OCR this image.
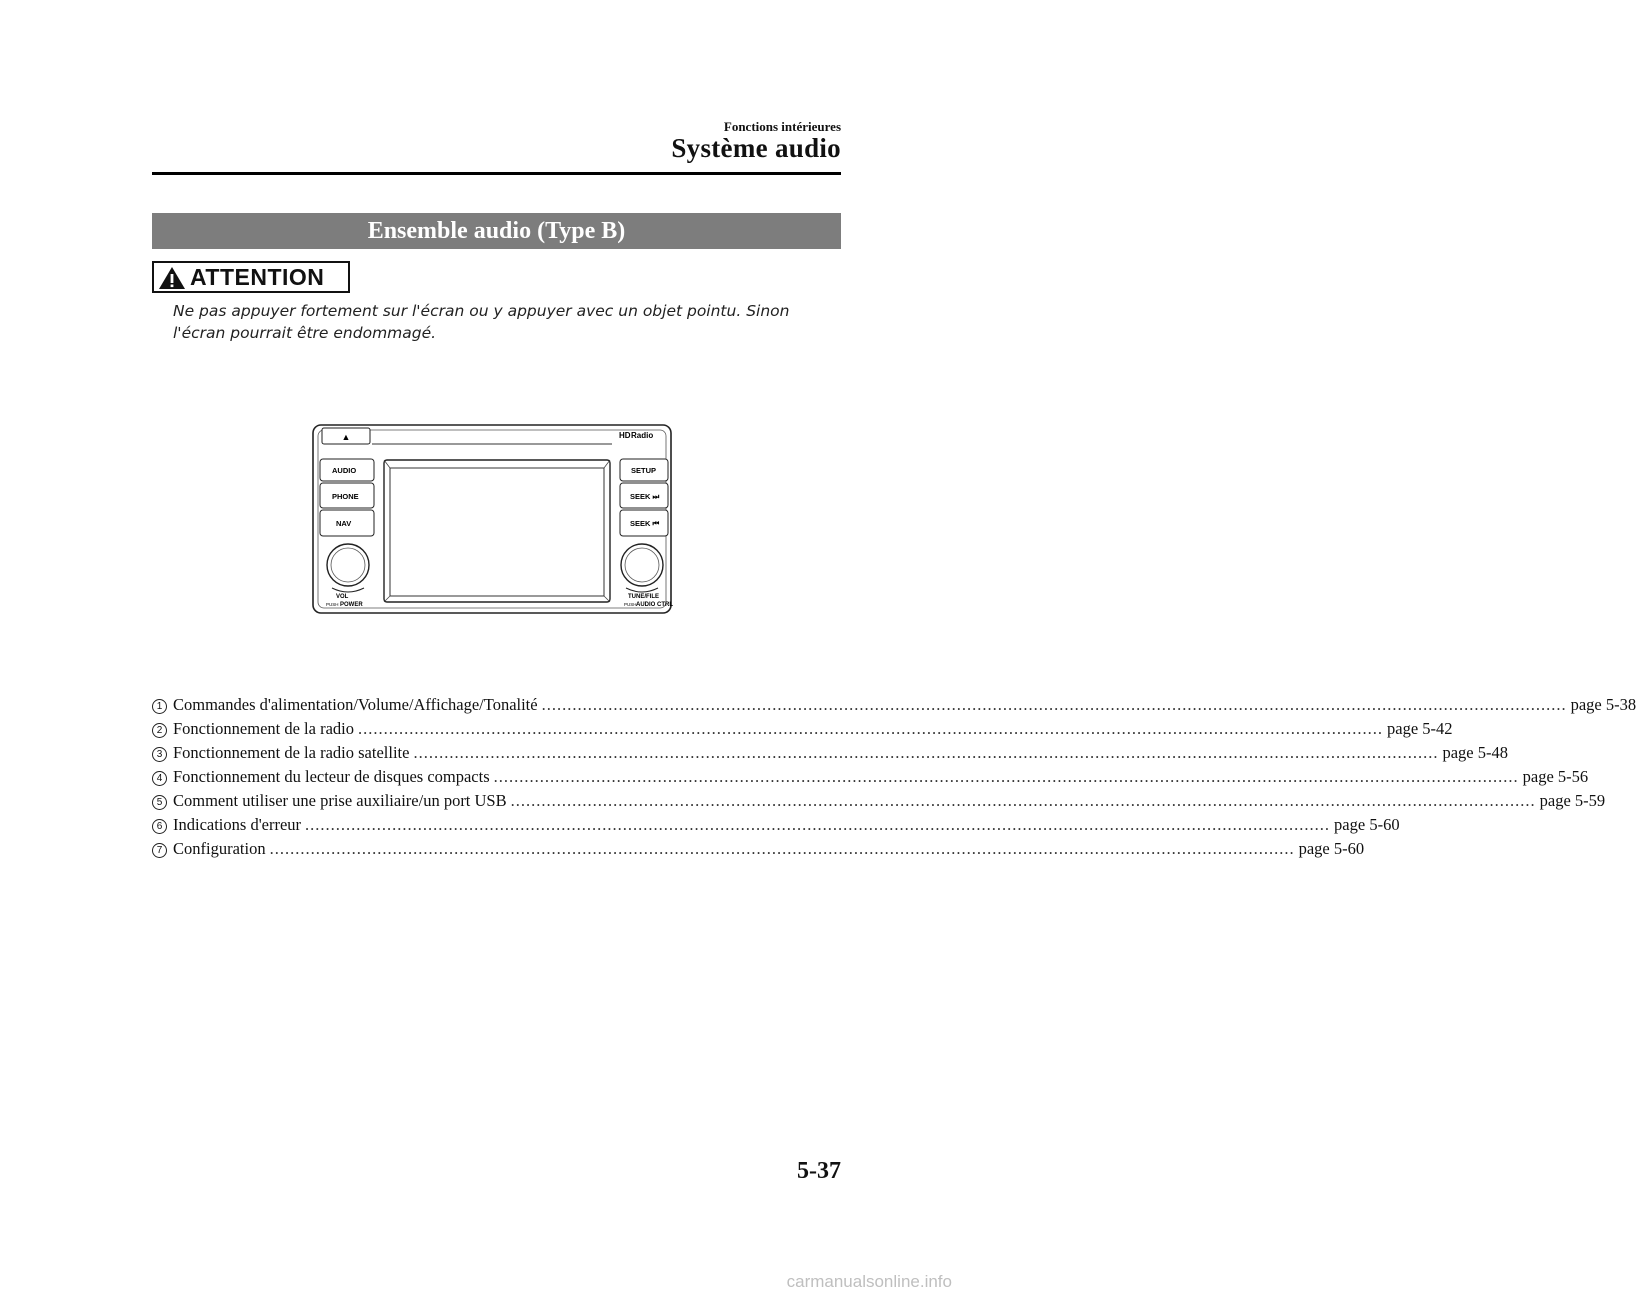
Fonctions intérieures
Système audio
Ensemble audio (Type B)
ATTENTION
Ne pas appuyer fortement sur l'écran ou y appuyer avec un objet pointu. Sinon l'écran pourrait être endommagé.
▲	HD Radio
AUDIO
PHONE
NAV
SETUP
SEEK ⏭
SEEK ⏮
VOL
PUSH POWER
TUNE/FILE
PUSH AUDIO CTRL
1 Commandes d'alimentation/Volume/Affichage/Tonalité ........................................................................................................................................................................................................ page 5-38
2 Fonctionnement de la radio ........................................................................................................................................................................................................ page 5-42
3 Fonctionnement de la radio satellite ........................................................................................................................................................................................................ page 5-48
4 Fonctionnement du lecteur de disques compacts ........................................................................................................................................................................................................ page 5-56
5 Comment utiliser une prise auxiliaire/un port USB ........................................................................................................................................................................................................ page 5-59
6 Indications d'erreur ........................................................................................................................................................................................................ page 5-60
7 Configuration ........................................................................................................................................................................................................ page 5-60
5-37
carmanualsonline.info
